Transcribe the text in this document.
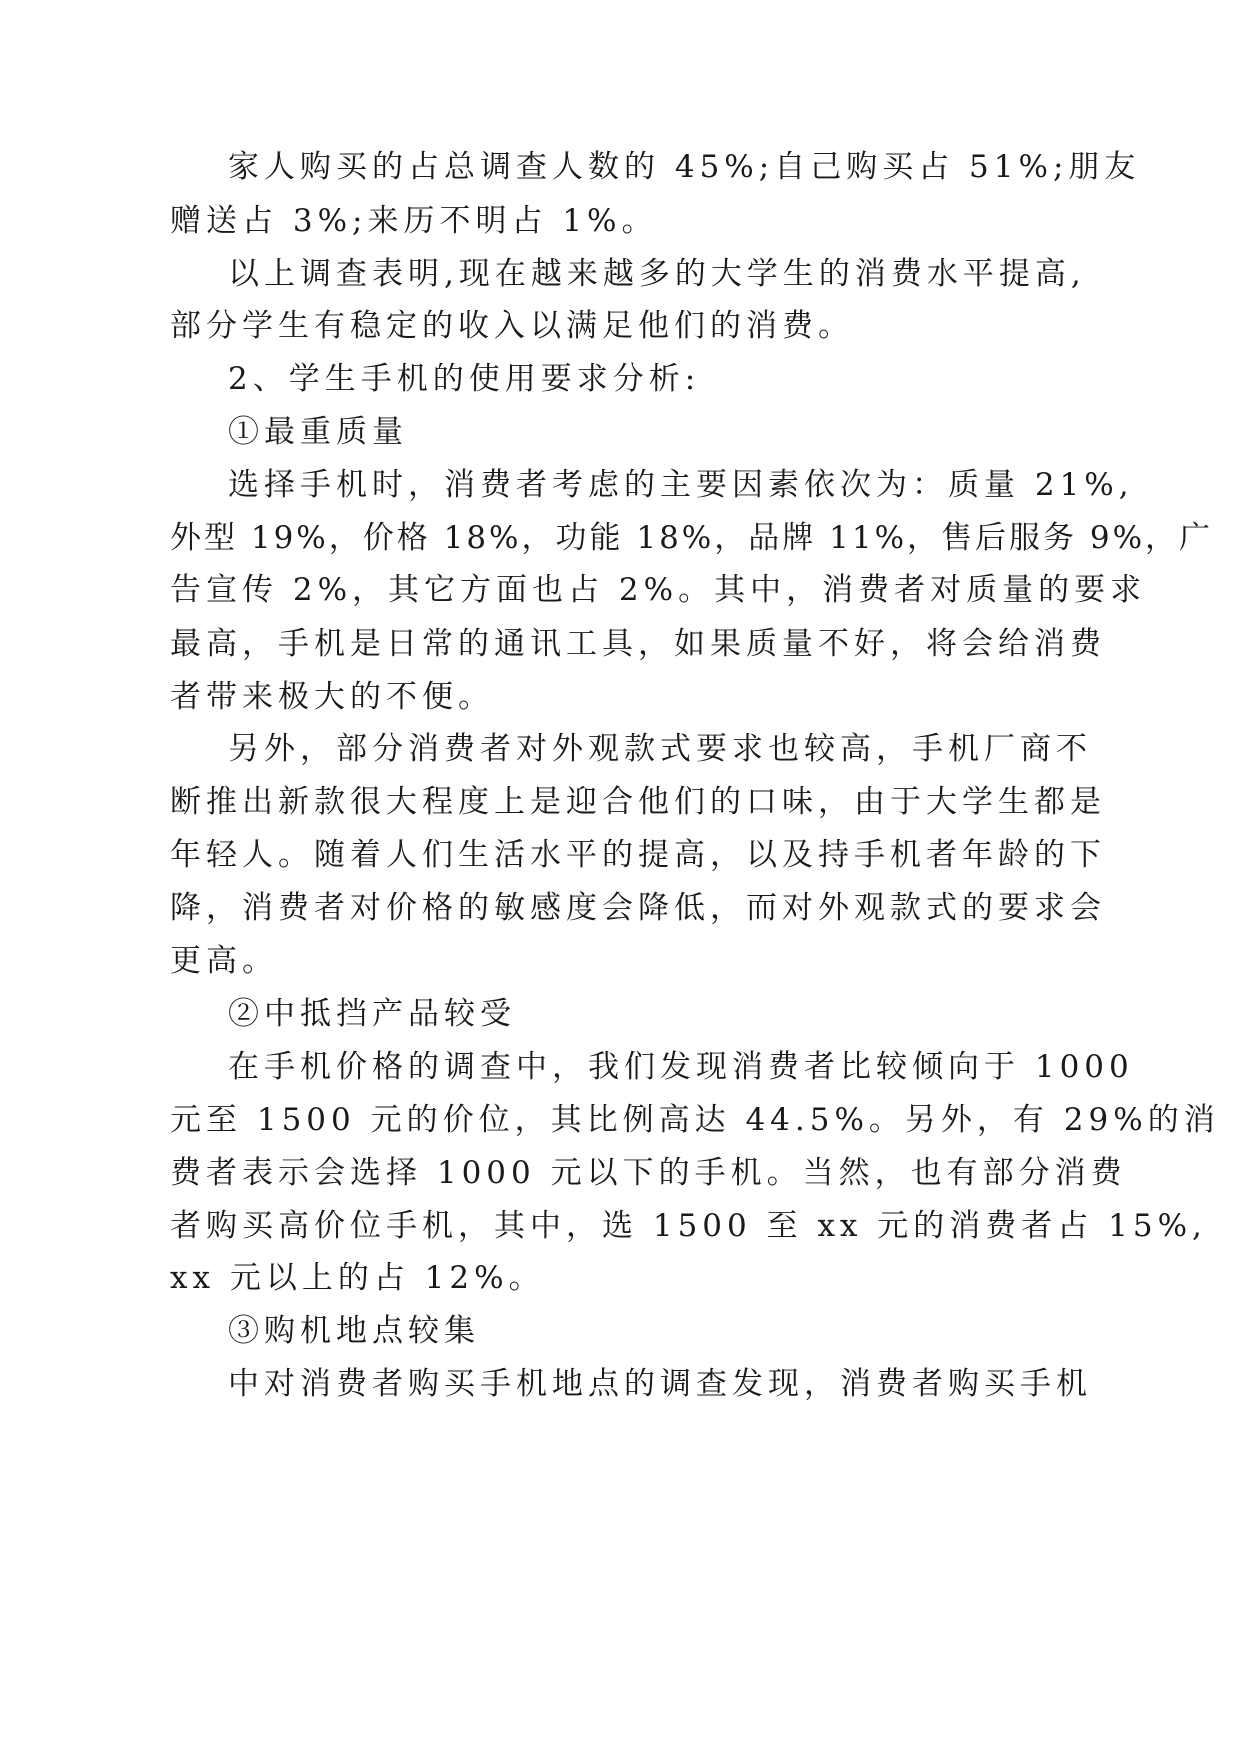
家人购买的占总调查人数的 45%;自己购买占 51%;朋友
赠送占 3%;来历不明占 1%。
以上调查表明,现在越来越多的大学生的消费水平提高,
部分学生有稳定的收入以满足他们的消费。
2、学生手机的使用要求分析:
①最重质量
选择手机时，消费者考虑的主要因素依次为：质量 21%,
外型 19%，价格 18%，功能 18%，品牌 11%，售后服务 9%，广
告宣传 2%，其它方面也占 2%。其中，消费者对质量的要求
最高，手机是日常的通讯工具，如果质量不好，将会给消费
者带来极大的不便。
另外，部分消费者对外观款式要求也较高，手机厂商不
断推出新款很大程度上是迎合他们的口味，由于大学生都是
年轻人。随着人们生活水平的提高，以及持手机者年龄的下
降，消费者对价格的敏感度会降低，而对外观款式的要求会
更高。
②中抵挡产品较受
在手机价格的调查中，我们发现消费者比较倾向于 1000
元至 1500 元的价位，其比例高达 44.5%。另外，有 29%的消
费者表示会选择 1000 元以下的手机。当然，也有部分消费
者购买高价位手机，其中，选 1500 至 xx 元的消费者占 15%,
xx 元以上的占 12%。
③购机地点较集
中对消费者购买手机地点的调查发现，消费者购买手机
